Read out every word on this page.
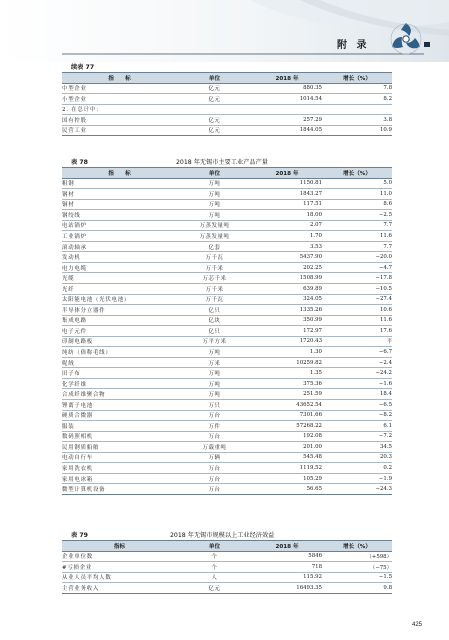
附 录
续表 77
指　　标	单位	2018 年	增长（%）
中型企业	亿元	880.35	7.8
小型企业	亿元	1014.54	8.2
2. 在总计中：			
国有控股	亿元	257.29	3.8
民营工业	亿元	1844.05	10.9
表 78	2018 年无锡市主要工业产品产量
指　　标	单位	2018 年	增长（%）
粗钢	万吨	1150.81	5.0
钢材	万吨	1843.27	11.0
铜材	万吨	117.51	8.6
钢绞线	万吨	18.00	−2.5
电站锅炉	万蒸发量吨	2.07	7.7
工业锅炉	万蒸发量吨	1.70	11.6
滚动轴承	亿套	3.53	7.7
发动机	万千瓦	5437.90	−20.0
电力电缆	万千米	202.25	−4.7
光缆	万芯千米	1508.99	−17.8
光纤	万千米	639.89	−10.5
太阳能电池（光伏电池）	万千瓦	324.05	−27.4
半导体分立器件	亿只	1335.26	10.6
集成电路	亿块	350.99	11.6
电子元件	亿只	172.97	17.6
印制电路板	万平方米	1720.43	平
纯纺（俗称毛线）	万吨	1.30	−6.7
呢绒	万米	10259.82	−2.4
田子布	万吨	1.35	−24.2
化学纤维	万吨	375.36	−1.6
合成纤维聚合物	万吨	251.59	18.4
锂离子电池	万只	43652.54	−6.5
硬质合微器	万台	7301.66	−8.2
服装	万件	57268.22	6.1
数码照相机	万台	192.08	−7.2
民用钢质船舶	万载重吨	201.00	34.5
电动自行车	万辆	545.48	20.3
家用洗衣机	万台	1119.52	0.2
家用电冰箱	万台	105.29	−1.9
微型计算机设备	万台	56.65	−24.3
表 79	2018 年无锡市规模以上工业经济效益
指标	单位	2018 年	增长（%）
企业单位数	个	5846	（+598）
#亏损企业	个	718	（−75）
从业人员平均人数	人	115.92	−1.5
主营业务收入	亿元	16493.35	9.8
425
